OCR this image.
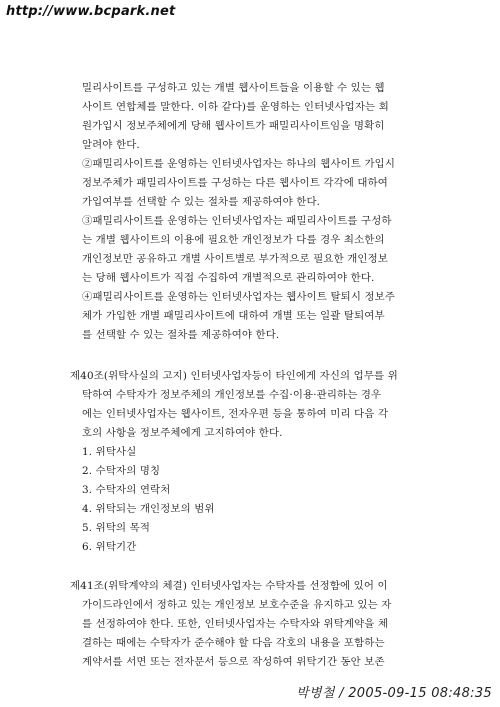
http://www.bcpark.net
밀리사이트를 구성하고 있는 개별 웹사이트들을 이용할 수 있는 웹
사이트 연합체를 말한다. 이하 같다)를 운영하는 인터넷사업자는 회
원가입시 정보주체에게 당해 웹사이트가 패밀리사이트임을 명확히
알려야 한다.
②패밀리사이트를 운영하는 인터넷사업자는 하나의 웹사이트 가입시
정보주체가 패밀리사이트를 구성하는 다른 웹사이트 각각에 대하여
가입여부를 선택할 수 있는 절차를 제공하여야 한다.
③패밀리사이트를 운영하는 인터넷사업자는 패밀리사이트를 구성하
는 개별 웹사이트의 이용에 필요한 개인정보가 다를 경우 최소한의
개인정보만 공유하고 개별 사이트별로 부가적으로 필요한 개인정보
는 당해 웹사이트가 직접 수집하여 개별적으로 관리하여야 한다.
④패밀리사이트를 운영하는 인터넷사업자는 웹사이트 탈퇴시 정보주
체가 가입한 개별 패밀리사이트에 대하여 개별 또는 일괄 탈퇴여부
를 선택할 수 있는 절차를 제공하여야 한다.
제40조(위탁사실의 고지) 인터넷사업자등이 타인에게 자신의 업무를 위
탁하여 수탁자가 정보주체의 개인정보를 수집·이용·관리하는 경우
에는 인터넷사업자는 웹사이트, 전자우편 등을 통하여 미리 다음 각
호의 사항을 정보주체에게 고지하여야 한다.
1. 위탁사실
2. 수탁자의 명칭
3. 수탁자의 연락처
4. 위탁되는 개인정보의 범위
5. 위탁의 목적
6. 위탁기간
제41조(위탁계약의 체결) 인터넷사업자는 수탁자를 선정함에 있어 이
가이드라인에서 정하고 있는 개인정보 보호수준을 유지하고 있는 자
를 선정하여야 한다. 또한, 인터넷사업자는 수탁자와 위탁계약을 체
결하는 때에는 수탁자가 준수해야 할 다음 각호의 내용을 포함하는
계약서를 서면 또는 전자문서 등으로 작성하여 위탁기간 동안 보존
박병철 / 2005-09-15 08:48:35
